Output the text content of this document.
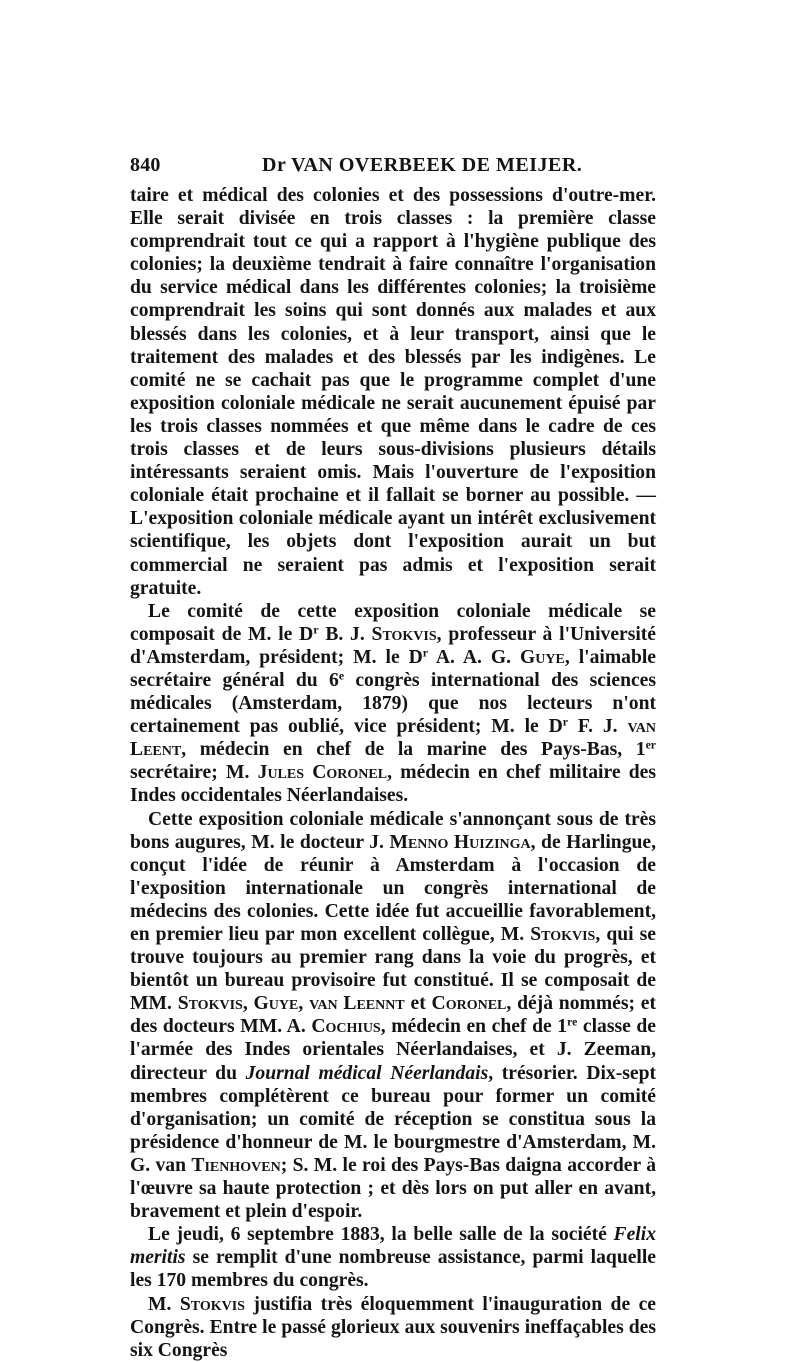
840	Dr VAN OVERBEEK DE MEIJER.

taire et médical des colonies et des possessions d'outre-mer. Elle serait divisée en trois classes : la première classe comprendrait tout ce qui a rapport à l'hygiène publique des colonies; la deuxième tendrait à faire connaître l'organisation du service médical dans les différentes colonies; la troisième comprendrait les soins qui sont donnés aux malades et aux blessés dans les colonies, et à leur transport, ainsi que le traitement des malades et des blessés par les indigènes. Le comité ne se cachait pas que le programme complet d'une exposition coloniale médicale ne serait aucunement épuisé par les trois classes nommées et que même dans le cadre de ces trois classes et de leurs sous-divisions plusieurs détails intéressants seraient omis. Mais l'ouverture de l'exposition coloniale était prochaine et il fallait se borner au possible. — L'exposition coloniale médicale ayant un intérêt exclusivement scientifique, les objets dont l'exposition aurait un but commercial ne seraient pas admis et l'exposition serait gratuite.

Le comité de cette exposition coloniale médicale se composait de M. le $D^r$ B. J. Stokvis, professeur à l'Université d'Amsterdam, président; M. le $D^r$ A. A. G. Guye, l'aimable secrétaire général du 6e congrès international des sciences médicales (Amsterdam, 1879) que nos lecteurs n'ont certainement pas oublié, vice président; M. le $D^r$ F. J. van Leent, médecin en chef de la marine des Pays-Bas, 1er secrétaire; M. Jules Coronel, médecin en chef militaire des Indes occidentales Néerlandaises.

Cette exposition coloniale médicale s'annonçant sous de très bons augures, M. le docteur J. Menno Huizinga, de Harlingue, conçut l'idée de réunir à Amsterdam à l'occasion de l'exposition internationale un congrès international de médecins des colonies. Cette idée fut accueillie favorablement, en premier lieu par mon excellent collègue, M. Stokvis, qui se trouve toujours au premier rang dans la voie du progrès, et bientôt un bureau provisoire fut constitué. Il se composait de MM. Stokvis, Guye, van Leennt et Coronel, déjà nommés; et des docteurs MM. A. Cochius, médecin en chef de 1re classe de l'armée des Indes orientales Néerlandaises, et J. Zeeman, directeur du Journal médical Néerlandais, trésorier. Dix-sept membres complétèrent ce bureau pour former un comité d'organisation; un comité de réception se constitua sous la présidence d'honneur de M. le bourgmestre d'Amsterdam, M. G. van Tienhoven; S. M. le roi des Pays-Bas daigna accorder à l'œuvre sa haute protection ; et dès lors on put aller en avant, bravement et plein d'espoir.

Le jeudi, 6 septembre 1883, la belle salle de la société Felix meritis se remplit d'une nombreuse assistance, parmi laquelle les 170 membres du congrès.

M. Stokvis justifia très éloquemment l'inauguration de ce Congrès. Entre le passé glorieux aux souvenirs ineffaçables des six Congrès
